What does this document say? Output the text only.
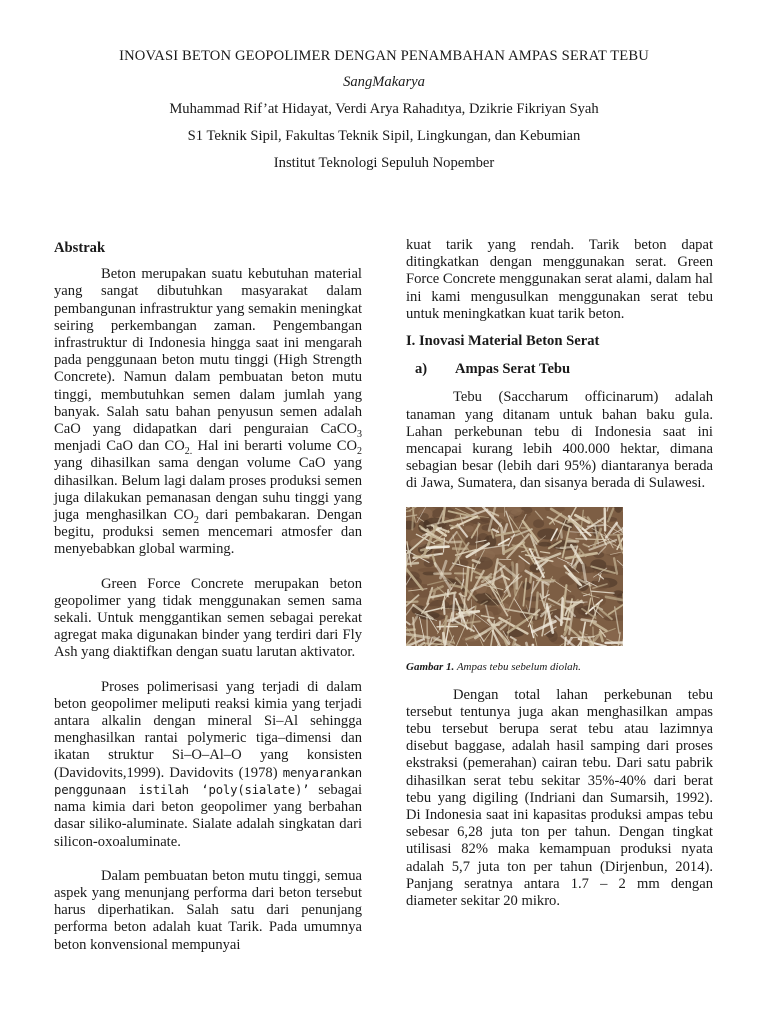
INOVASI BETON GEOPOLIMER DENGAN PENAMBAHAN AMPAS SERAT TEBU
SangMakarya
Muhammad Rif’at Hidayat, Verdi Arya Rahadıtya, Dzikrie Fikriyan Syah
S1 Teknik Sipil, Fakultas Teknik Sipil, Lingkungan, dan Kebumian
Institut Teknologi Sepuluh Nopember

Abstrak

Beton merupakan suatu kebutuhan material yang sangat dibutuhkan masyarakat dalam pembangunan infrastruktur yang semakin meningkat seiring perkembangan zaman. Pengembangan infrastruktur di Indonesia hingga saat ini mengarah pada penggunaan beton mutu tinggi (High Strength Concrete). Namun dalam pembuatan beton mutu tinggi, membutuhkan semen dalam jumlah yang banyak. Salah satu bahan penyusun semen adalah CaO yang didapatkan dari penguraian CaCO$_3$ menjadi CaO dan $CO_{2.}$ Hal ini berarti volume $CO_2$ yang dihasilkan sama dengan volume CaO yang dihasilkan. Belum lagi dalam proses produksi semen juga dilakukan pemanasan dengan suhu tinggi yang juga menghasilkan $CO_2$ dari pembakaran. Dengan begitu, produksi semen mencemari atmosfer dan menyebabkan global warming.

Green Force Concrete merupakan beton geopolimer yang tidak menggunakan semen sama sekali. Untuk menggantikan semen sebagai perekat agregat maka digunakan binder yang terdiri dari Fly Ash yang diaktifkan dengan suatu larutan aktivator.

Proses polimerisasi yang terjadi di dalam beton geopolimer meliputi reaksi kimia yang terjadi antara alkalin dengan mineral Si–Al sehingga menghasilkan rantai polymeric tiga–dimensi dan ikatan struktur Si–O–Al–O yang konsisten (Davidovits,1999). Davidovits (1978) menyarankan penggunaan istilah ‘poly(sialate)’ sebagai nama kimia dari beton geopolimer yang berbahan dasar siliko-aluminate. Sialate adalah singkatan dari silicon-oxoaluminate.

Dalam pembuatan beton mutu tinggi, semua aspek yang menunjang performa dari beton tersebut harus diperhatikan. Salah satu dari penunjang performa beton adalah kuat Tarik. Pada umumnya beton konvensional mempunyai

kuat tarik yang rendah. Tarik beton dapat ditingkatkan dengan menggunakan serat. Green Force Concrete menggunakan serat alami, dalam hal ini kami mengusulkan menggunakan serat tebu untuk meningkatkan kuat tarik beton.

I. Inovasi Material Beton Serat

a)	Ampas Serat Tebu

Tebu (Saccharum officinarum) adalah tanaman yang ditanam untuk bahan baku gula. Lahan perkebunan tebu di Indonesia saat ini mencapai kurang lebih 400.000 hektar, dimana sebagian besar (lebih dari 95%) diantaranya berada di Jawa, Sumatera, dan sisanya berada di Sulawesi.

Gambar 1. Ampas tebu sebelum diolah.

Dengan total lahan perkebunan tebu tersebut tentunya juga akan menghasilkan ampas tebu tersebut berupa serat tebu atau lazimnya disebut baggase, adalah hasil samping dari proses ekstraksi (pemerahan) cairan tebu. Dari satu pabrik dihasilkan serat tebu sekitar 35%-40% dari berat tebu yang digiling (Indriani dan Sumarsih, 1992). Di Indonesia saat ini kapasitas produksi ampas tebu sebesar 6,28 juta ton per tahun. Dengan tingkat utilisasi 82% maka kemampuan produksi nyata adalah 5,7 juta ton per tahun (Dirjenbun, 2014). Panjang seratnya antara 1.7 – 2 mm dengan diameter sekitar 20 mikro.
